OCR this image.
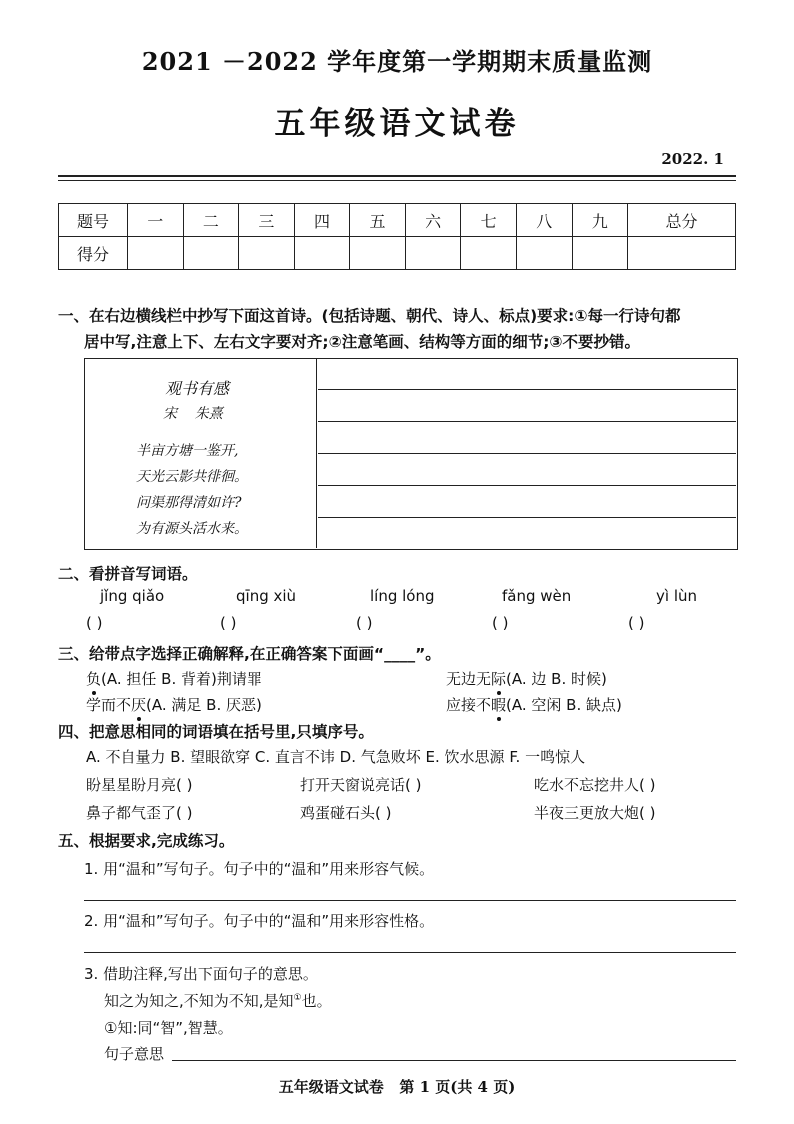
2021 －2022 学年度第一学期期末质量监测
五年级语文试卷
2022. 1
题号	一	二	三	四	五	六	七	八	九	总分
得分										
一、在右边横线栏中抄写下面这首诗。(包括诗题、朝代、诗人、标点)要求:①每一行诗句都
居中写,注意上下、左右文字要对齐;②注意笔画、结构等方面的细节;③不要抄错。
观书有感
宋    朱熹
半亩方塘一鉴开,
天光云影共徘徊。
问渠那得清如许?
为有源头活水来。
二、看拼音写词语。
jǐng qiǎo	qīng xiù	líng lóng	fǎng wèn	yì lùn
( )	( )	( )	( )	( )
三、给带点字选择正确解释,在正确答案下面画“____”。
负(A. 担任 B. 背着)荆请罪	无边无际(A. 边 B. 时候)
学而不厌(A. 满足 B. 厌恶)	应接不暇(A. 空闲 B. 缺点)
四、把意思相同的词语填在括号里,只填序号。
A. 不自量力 B. 望眼欲穿 C. 直言不讳 D. 气急败坏 E. 饮水思源 F. 一鸣惊人
盼星星盼月亮( )	打开天窗说亮话( )	吃水不忘挖井人( )
鼻子都气歪了( )	鸡蛋碰石头( )	半夜三更放大炮( )
五、根据要求,完成练习。
1. 用“温和”写句子。句子中的“温和”用来形容气候。
2. 用“温和”写句子。句子中的“温和”用来形容性格。
3. 借助注释,写出下面句子的意思。
知之为知之,不知为不知,是知①也。
①知:同“智”,智慧。
句子意思
五年级语文试卷   第 1 页(共 4 页)
